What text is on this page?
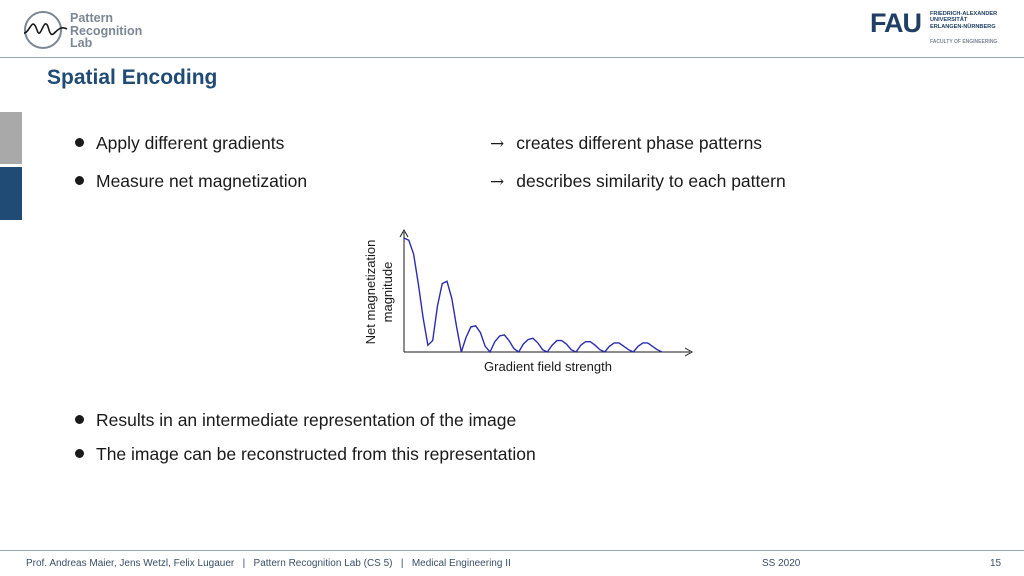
Pattern
Recognition
Lab
FAU FRIEDRICH-ALEXANDER
UNIVERSITÄT
ERLANGEN-NÜRNBERG
FACULTY OF ENGINEERING
Spatial Encoding
Apply different gradients	→ creates different phase patterns
Measure net magnetization	→ describes similarity to each pattern
Gradient field strength
Net magnetization magnitude
Results in an intermediate representation of the image
The image can be reconstructed from this representation
Prof. Andreas Maier, Jens Wetzl, Felix Lugauer | Pattern Recognition Lab (CS 5) | Medical Engineering II	SS 2020	15
